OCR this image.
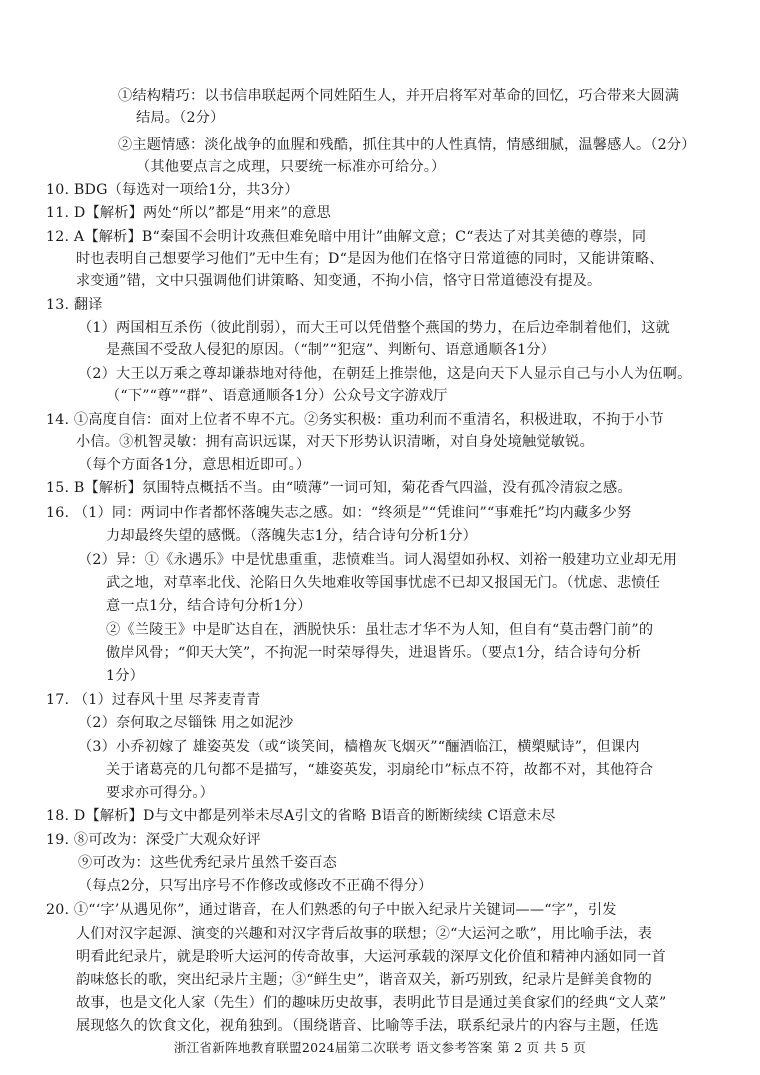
①结构精巧：以书信串联起两个同姓陌生人，并开启将军对革命的回忆，巧合带来大圆满
结局。（2分）
②主题情感：淡化战争的血腥和残酷，抓住其中的人性真情，情感细腻，温馨感人。（2分）
（其他要点言之成理，只要统一标准亦可给分。）
10. BDG（每选对一项给1分，共3分）
11. D【解析】两处“所以”都是“用来”的意思
12. A【解析】B“秦国不会明计攻燕但难免暗中用计”曲解文意；C“表达了对其美德的尊崇，同
时也表明自己想要学习他们”无中生有；D“是因为他们在恪守日常道德的同时，又能讲策略、
求变通”错，文中只强调他们讲策略、知变通，不拘小信，恪守日常道德没有提及。
13. 翻译
（1）两国相互杀伤（彼此削弱），而大王可以凭借整个燕国的势力，在后边牵制着他们，这就
是燕国不受敌人侵犯的原因。（“制”“犯寇”、判断句、语意通顺各1分）
（2）大王以万乘之尊却谦恭地对待他，在朝廷上推崇他，这是向天下人显示自己与小人为伍啊。
（“下”“尊”“群”、语意通顺各1分）公众号文字游戏厅
14. ①高度自信：面对上位者不卑不亢。②务实积极：重功利而不重清名，积极进取，不拘于小节
小信。③机智灵敏：拥有高识远谋，对天下形势认识清晰，对自身处境触觉敏锐。
（每个方面各1分，意思相近即可。）
15. B【解析】氛围特点概括不当。由“喷薄”一词可知，菊花香气四溢，没有孤冷清寂之感。
16. （1）同：两词中作者都怀落魄失志之感。如：“终须是”“凭谁问”“事难托”均内藏多少努
力却最终失望的感慨。（落魄失志1分，结合诗句分析1分）
（2）异：①《永遇乐》中是忧患重重，悲愤难当。词人渴望如孙权、刘裕一般建功立业却无用
武之地，对草率北伐、沦陷日久失地难收等国事忧虑不已却又报国无门。（忧虑、悲愤任
意一点1分，结合诗句分析1分）
②《兰陵王》中是旷达自在，洒脱快乐：虽壮志才华不为人知，但自有“莫击磬门前”的
傲岸风骨；“仰天大笑”，不拘泥一时荣辱得失，进退皆乐。（要点1分，结合诗句分析
1分）
17. （1）过春风十里 尽荠麦青青
（2）奈何取之尽锱铢 用之如泥沙
（3）小乔初嫁了 雄姿英发（或“谈笑间，樯橹灰飞烟灭”“酾酒临江，横槊赋诗”，但课内
关于诸葛亮的几句都不是描写，“雄姿英发，羽扇纶巾”标点不符，故都不对，其他符合
要求亦可得分。）
18. D【解析】D与文中都是列举未尽A引文的省略 B语音的断断续续 C语意未尽
19. ⑧可改为：深受广大观众好评
⑨可改为：这些优秀纪录片虽然千姿百态
（每点2分，只写出序号不作修改或修改不正确不得分）
20. ①“‘字’从遇见你”，通过谐音，在人们熟悉的句子中嵌入纪录片关键词——“字”，引发
人们对汉字起源、演变的兴趣和对汉字背后故事的联想；②“大运河之歌”，用比喻手法，表
明看此纪录片，就是聆听大运河的传奇故事，大运河承载的深厚文化价值和精神内涵如同一首
韵味悠长的歌，突出纪录片主题；③“鲜生史”，谐音双关，新巧别致，纪录片是鲜美食物的
故事，也是文化人家（先生）们的趣味历史故事，表明此节目是通过美食家们的经典“文人菜”
展现悠久的饮食文化，视角独到。（围绕谐音、比喻等手法，联系纪录片的内容与主题，任选
浙江省新阵地教育联盟2024届第二次联考 语文参考答案 第 2 页 共 5 页
